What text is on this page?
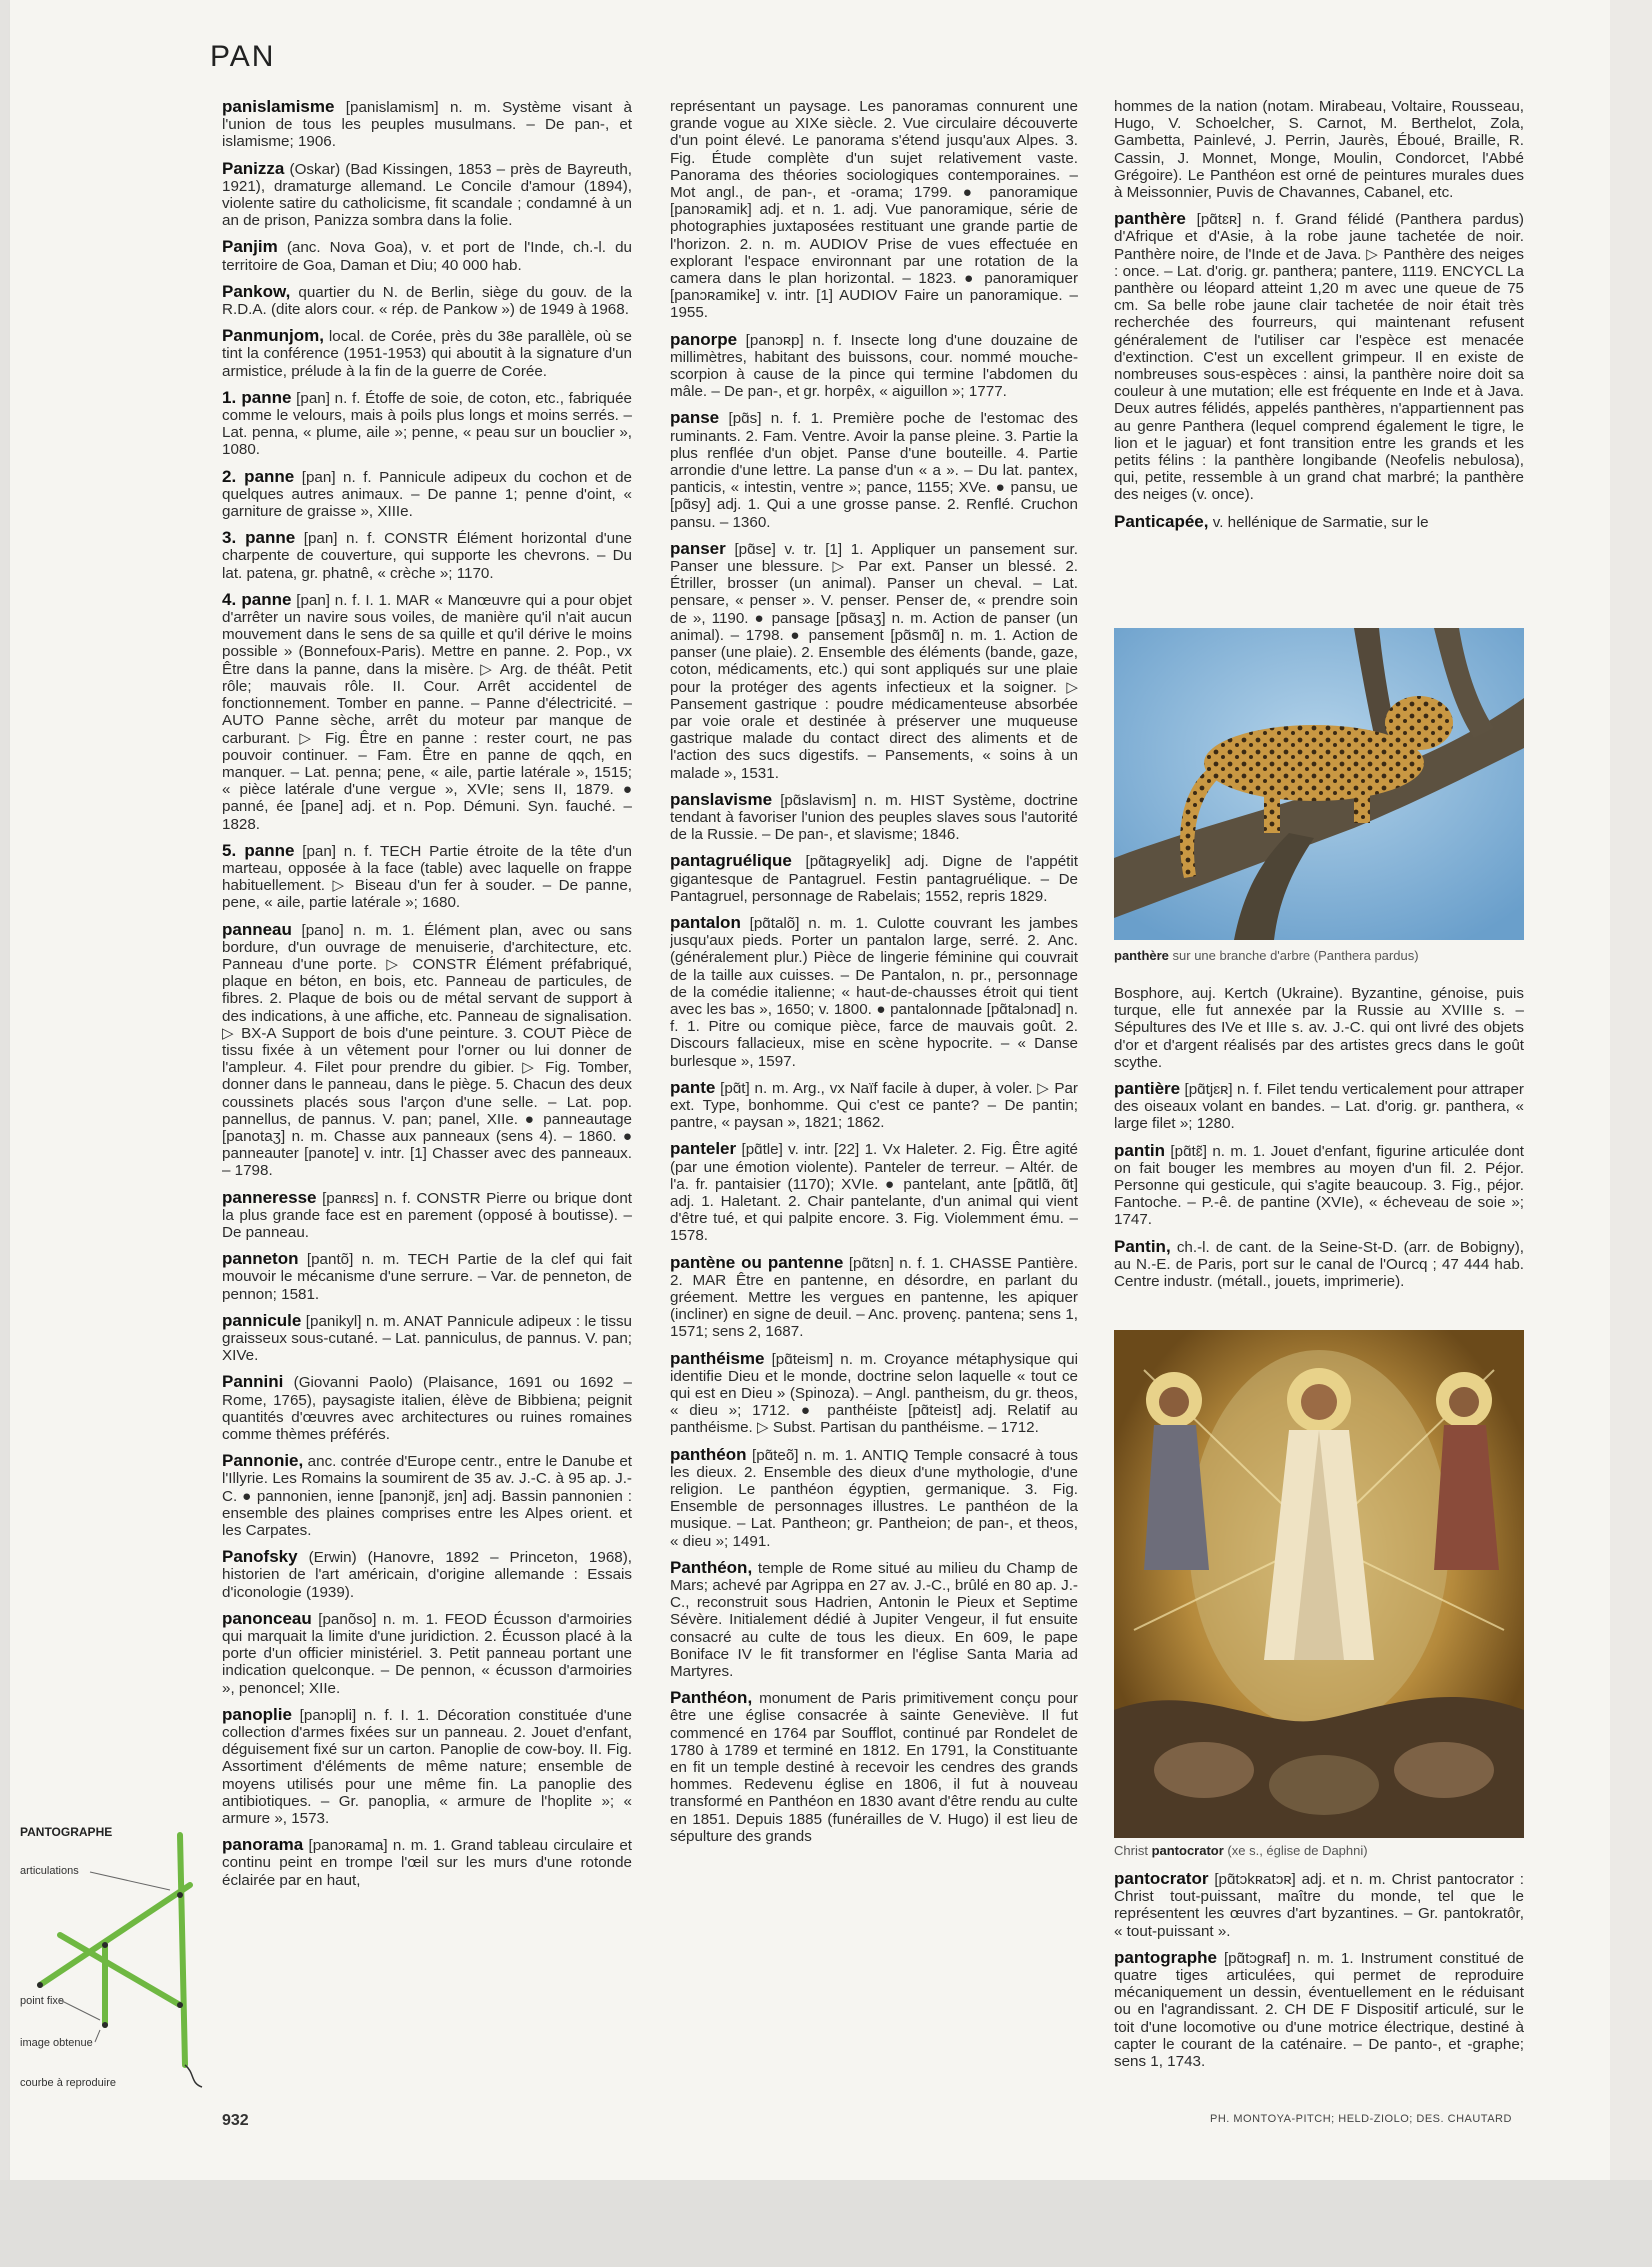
PAN

panislamisme [panislamism] n. m. Système visant à l'union de tous les peuples musulmans. – De pan-, et islamisme; 1906.

Panizza (Oskar) (Bad Kissingen, 1853 – près de Bayreuth, 1921), dramaturge allemand. Le Concile d'amour (1894), violente satire du catholicisme, fit scandale ; condamné à un an de prison, Panizza sombra dans la folie.

Panjim (anc. Nova Goa), v. et port de l'Inde, ch.-l. du territoire de Goa, Daman et Diu; 40 000 hab.

Pankow, quartier du N. de Berlin, siège du gouv. de la R.D.A. (dite alors cour. « rép. de Pankow ») de 1949 à 1968.

Panmunjom, local. de Corée, près du 38e parallèle, où se tint la conférence (1951-1953) qui aboutit à la signature d'un armistice, prélude à la fin de la guerre de Corée.

1. panne [pan] n. f. Étoffe de soie, de coton, etc., fabriquée comme le velours, mais à poils plus longs et moins serrés. – Lat. penna, « plume, aile »; penne, « peau sur un bouclier », 1080.

2. panne [pan] n. f. Pannicule adipeux du cochon et de quelques autres animaux. – De panne 1; penne d'oint, « garniture de graisse », XIIIe.

3. panne [pan] n. f. CONSTR Élément horizontal d'une charpente de couverture, qui supporte les chevrons. – Du lat. patena, gr. phatnê, « crèche »; 1170.

4. panne [pan] n. f. I. 1. MAR « Manœuvre qui a pour objet d'arrêter un navire sous voiles, de manière qu'il n'ait aucun mouvement dans le sens de sa quille et qu'il dérive le moins possible » (Bonnefoux-Paris). Mettre en panne. 2. Pop., vx Être dans la panne, dans la misère. ▷ Arg. de théât. Petit rôle; mauvais rôle. II. Cour. Arrêt accidentel de fonctionnement. Tomber en panne. – Panne d'électricité. – AUTO Panne sèche, arrêt du moteur par manque de carburant. ▷ Fig. Être en panne : rester court, ne pas pouvoir continuer. – Fam. Être en panne de qqch, en manquer. – Lat. penna; pene, « aile, partie latérale », 1515; « pièce latérale d'une vergue », XVIe; sens II, 1879. ● panné, ée [pane] adj. et n. Pop. Démuni. Syn. fauché. – 1828.

5. panne [pan] n. f. TECH Partie étroite de la tête d'un marteau, opposée à la face (table) avec laquelle on frappe habituellement. ▷ Biseau d'un fer à souder. – De panne, pene, « aile, partie latérale »; 1680.

panneau [pano] n. m. 1. Élément plan, avec ou sans bordure, d'un ouvrage de menuiserie, d'architecture, etc. Panneau d'une porte. ▷ CONSTR Élément préfabriqué, plaque en béton, en bois, etc. Panneau de particules, de fibres. 2. Plaque de bois ou de métal servant de support à des indications, à une affiche, etc. Panneau de signalisation. ▷ BX-A Support de bois d'une peinture. 3. COUT Pièce de tissu fixée à un vêtement pour l'orner ou lui donner de l'ampleur. 4. Filet pour prendre du gibier. ▷ Fig. Tomber, donner dans le panneau, dans le piège. 5. Chacun des deux coussinets placés sous l'arçon d'une selle. – Lat. pop. pannellus, de pannus. V. pan; panel, XIIe. ● panneautage [panotaʒ] n. m. Chasse aux panneaux (sens 4). – 1860. ● panneauter [panote] v. intr. [1] Chasser avec des panneaux. – 1798.

panneresse [panʀɛs] n. f. CONSTR Pierre ou brique dont la plus grande face est en parement (opposé à boutisse). – De panneau.

panneton [pantõ] n. m. TECH Partie de la clef qui fait mouvoir le mécanisme d'une serrure. – Var. de penneton, de pennon; 1581.

pannicule [panikyl] n. m. ANAT Pannicule adipeux : le tissu graisseux sous-cutané. – Lat. panniculus, de pannus. V. pan; XIVe.

Pannini (Giovanni Paolo) (Plaisance, 1691 ou 1692 – Rome, 1765), paysagiste italien, élève de Bibbiena; peignit quantités d'œuvres avec architectures ou ruines romaines comme thèmes préférés.

Pannonie, anc. contrée d'Europe centr., entre le Danube et l'Illyrie. Les Romains la soumirent de 35 av. J.-C. à 95 ap. J.-C. ● pannonien, ienne [panɔnjɛ̃, jɛn] adj. Bassin pannonien : ensemble des plaines comprises entre les Alpes orient. et les Carpates.

Panofsky (Erwin) (Hanovre, 1892 – Princeton, 1968), historien de l'art américain, d'origine allemande : Essais d'iconologie (1939).

panonceau [panõso] n. m. 1. FEOD Écusson d'armoiries qui marquait la limite d'une juridiction. 2. Écusson placé à la porte d'un officier ministériel. 3. Petit panneau portant une indication quelconque. – De pennon, « écusson d'armoiries », penoncel; XIIe.

panoplie [panɔpli] n. f. I. 1. Décoration constituée d'une collection d'armes fixées sur un panneau. 2. Jouet d'enfant, déguisement fixé sur un carton. Panoplie de cow-boy. II. Fig. Assortiment d'éléments de même nature; ensemble de moyens utilisés pour une même fin. La panoplie des antibiotiques. – Gr. panoplia, « armure de l'hoplite »; « armure », 1573.

panorama [panɔʀama] n. m. 1. Grand tableau circulaire et continu peint en trompe l'œil sur les murs d'une rotonde éclairée par en haut,

représentant un paysage. Les panoramas connurent une grande vogue au XIXe siècle. 2. Vue circulaire découverte d'un point élevé. Le panorama s'étend jusqu'aux Alpes. 3. Fig. Étude complète d'un sujet relativement vaste. Panorama des théories sociologiques contemporaines. – Mot angl., de pan-, et -orama; 1799. ● panoramique [panɔʀamik] adj. et n. 1. adj. Vue panoramique, série de photographies juxtaposées restituant une grande partie de l'horizon. 2. n. m. AUDIOV Prise de vues effectuée en explorant l'espace environnant par une rotation de la camera dans le plan horizontal. – 1823. ● panoramiquer [panɔʀamike] v. intr. [1] AUDIOV Faire un panoramique. – 1955.

panorpe [panɔʀp] n. f. Insecte long d'une douzaine de millimètres, habitant des buissons, cour. nommé mouche-scorpion à cause de la pince qui termine l'abdomen du mâle. – De pan-, et gr. horpêx, « aiguillon »; 1777.

panse [pɑ̃s] n. f. 1. Première poche de l'estomac des ruminants. 2. Fam. Ventre. Avoir la panse pleine. 3. Partie la plus renflée d'un objet. Panse d'une bouteille. 4. Partie arrondie d'une lettre. La panse d'un « a ». – Du lat. pantex, panticis, « intestin, ventre »; pance, 1155; XVe. ● pansu, ue [pɑ̃sy] adj. 1. Qui a une grosse panse. 2. Renflé. Cruchon pansu. – 1360.

panser [pɑ̃se] v. tr. [1] 1. Appliquer un pansement sur. Panser une blessure. ▷ Par ext. Panser un blessé. 2. Étriller, brosser (un animal). Panser un cheval. – Lat. pensare, « penser ». V. penser. Penser de, « prendre soin de », 1190. ● pansage [pɑ̃saʒ] n. m. Action de panser (un animal). – 1798. ● pansement [pɑ̃smɑ̃] n. m. 1. Action de panser (une plaie). 2. Ensemble des éléments (bande, gaze, coton, médicaments, etc.) qui sont appliqués sur une plaie pour la protéger des agents infectieux et la soigner. ▷ Pansement gastrique : poudre médicamenteuse absorbée par voie orale et destinée à préserver une muqueuse gastrique malade du contact direct des aliments et de l'action des sucs digestifs. – Pansements, « soins à un malade », 1531.

panslavisme [pɑ̃slavism] n. m. HIST Système, doctrine tendant à favoriser l'union des peuples slaves sous l'autorité de la Russie. – De pan-, et slavisme; 1846.

pantagruélique [pɑ̃tagʀyelik] adj. Digne de l'appétit gigantesque de Pantagruel. Festin pantagruélique. – De Pantagruel, personnage de Rabelais; 1552, repris 1829.

pantalon [pɑ̃talõ] n. m. 1. Culotte couvrant les jambes jusqu'aux pieds. Porter un pantalon large, serré. 2. Anc. (généralement plur.) Pièce de lingerie féminine qui couvrait de la taille aux cuisses. – De Pantalon, n. pr., personnage de la comédie italienne; « haut-de-chausses étroit qui tient avec les bas », 1650; v. 1800. ● pantalonnade [pɑ̃talɔnad] n. f. 1. Pitre ou comique pièce, farce de mauvais goût. 2. Discours fallacieux, mise en scène hypocrite. – « Danse burlesque », 1597.

pante [pɑ̃t] n. m. Arg., vx Naïf facile à duper, à voler. ▷ Par ext. Type, bonhomme. Qui c'est ce pante? – De pantin; pantre, « paysan », 1821; 1862.

panteler [pɑ̃tle] v. intr. [22] 1. Vx Haleter. 2. Fig. Être agité (par une émotion violente). Panteler de terreur. – Altér. de l'a. fr. pantaisier (1170); XVIe. ● pantelant, ante [pɑ̃tlɑ̃, ɑ̃t] adj. 1. Haletant. 2. Chair pantelante, d'un animal qui vient d'être tué, et qui palpite encore. 3. Fig. Violemment ému. – 1578.

pantène ou pantenne [pɑ̃tɛn] n. f. 1. CHASSE Pantière. 2. MAR Être en pantenne, en désordre, en parlant du gréement. Mettre les vergues en pantenne, les apiquer (incliner) en signe de deuil. – Anc. provenç. pantena; sens 1, 1571; sens 2, 1687.

panthéisme [pɑ̃teism] n. m. Croyance métaphysique qui identifie Dieu et le monde, doctrine selon laquelle « tout ce qui est en Dieu » (Spinoza). – Angl. pantheism, du gr. theos, « dieu »; 1712. ● panthéiste [pɑ̃teist] adj. Relatif au panthéisme. ▷ Subst. Partisan du panthéisme. – 1712.

panthéon [pɑ̃teõ] n. m. 1. ANTIQ Temple consacré à tous les dieux. 2. Ensemble des dieux d'une mythologie, d'une religion. Le panthéon égyptien, germanique. 3. Fig. Ensemble de personnages illustres. Le panthéon de la musique. – Lat. Pantheon; gr. Pantheion; de pan-, et theos, « dieu »; 1491.

Panthéon, temple de Rome situé au milieu du Champ de Mars; achevé par Agrippa en 27 av. J.-C., brûlé en 80 ap. J.-C., reconstruit sous Hadrien, Antonin le Pieux et Septime Sévère. Initialement dédié à Jupiter Vengeur, il fut ensuite consacré au culte de tous les dieux. En 609, le pape Boniface IV le fit transformer en l'église Santa Maria ad Martyres.

Panthéon, monument de Paris primitivement conçu pour être une église consacrée à sainte Geneviève. Il fut commencé en 1764 par Soufflot, continué par Rondelet de 1780 à 1789 et terminé en 1812. En 1791, la Constituante en fit un temple destiné à recevoir les cendres des grands hommes. Redevenu église en 1806, il fut à nouveau transformé en Panthéon en 1830 avant d'être rendu au culte en 1851. Depuis 1885 (funérailles de V. Hugo) il est lieu de sépulture des grands

hommes de la nation (notam. Mirabeau, Voltaire, Rousseau, Hugo, V. Schoelcher, S. Carnot, M. Berthelot, Zola, Gambetta, Painlevé, J. Perrin, Jaurès, Éboué, Braille, R. Cassin, J. Monnet, Monge, Moulin, Condorcet, l'Abbé Grégoire). Le Panthéon est orné de peintures murales dues à Meissonnier, Puvis de Chavannes, Cabanel, etc.

panthère [pɑ̃tɛʀ] n. f. Grand félidé (Panthera pardus) d'Afrique et d'Asie, à la robe jaune tachetée de noir. Panthère noire, de l'Inde et de Java. ▷ Panthère des neiges : once. – Lat. d'orig. gr. panthera; pantere, 1119. ENCYCL La panthère ou léopard atteint 1,20 m avec une queue de 75 cm. Sa belle robe jaune clair tachetée de noir était très recherchée des fourreurs, qui maintenant refusent généralement de l'utiliser car l'espèce est menacée d'extinction. C'est un excellent grimpeur. Il en existe de nombreuses sous-espèces : ainsi, la panthère noire doit sa couleur à une mutation; elle est fréquente en Inde et à Java. Deux autres félidés, appelés panthères, n'appartiennent pas au genre Panthera (lequel comprend également le tigre, le lion et le jaguar) et font transition entre les grands et les petits félins : la panthère longibande (Neofelis nebulosa), qui, petite, ressemble à un grand chat marbré; la panthère des neiges (v. once).

Panticapée, v. hellénique de Sarmatie, sur le

panthère sur une branche d'arbre (Panthera pardus)

Bosphore, auj. Kertch (Ukraine). Byzantine, génoise, puis turque, elle fut annexée par la Russie au XVIIIe s. – Sépultures des IVe et IIIe s. av. J.-C. qui ont livré des objets d'or et d'argent réalisés par des artistes grecs dans le goût scythe.

pantière [pɑ̃tjɛʀ] n. f. Filet tendu verticalement pour attraper des oiseaux volant en bandes. – Lat. d'orig. gr. panthera, « large filet »; 1280.

pantin [pɑ̃tɛ̃] n. m. 1. Jouet d'enfant, figurine articulée dont on fait bouger les membres au moyen d'un fil. 2. Péjor. Personne qui gesticule, qui s'agite beaucoup. 3. Fig., péjor. Fantoche. – P.-ê. de pantine (XVIe), « écheveau de soie »; 1747.

Pantin, ch.-l. de cant. de la Seine-St-D. (arr. de Bobigny), au N.-E. de Paris, port sur le canal de l'Ourcq ; 47 444 hab. Centre industr. (métall., jouets, imprimerie).

Christ pantocrator (xe s., église de Daphni)

pantocrator [pɑ̃tɔkʀatɔʀ] adj. et n. m. Christ pantocrator : Christ tout-puissant, maître du monde, tel que le représentent les œuvres d'art byzantines. – Gr. pantokratôr, « tout-puissant ».

pantographe [pɑ̃tɔgʀaf] n. m. 1. Instrument constitué de quatre tiges articulées, qui permet de reproduire mécaniquement un dessin, éventuellement en le réduisant ou en l'agrandissant. 2. CH DE F Dispositif articulé, sur le toit d'une locomotive ou d'une motrice électrique, destiné à capter le courant de la caténaire. – De panto-, et -graphe; sens 1, 1743.

PANTOGRAPHE
articulations
point fixe
image obtenue
courbe à reproduire
932	PH. MONTOYA-PITCH; HELD-ZIOLO; DES. CHAUTARD
